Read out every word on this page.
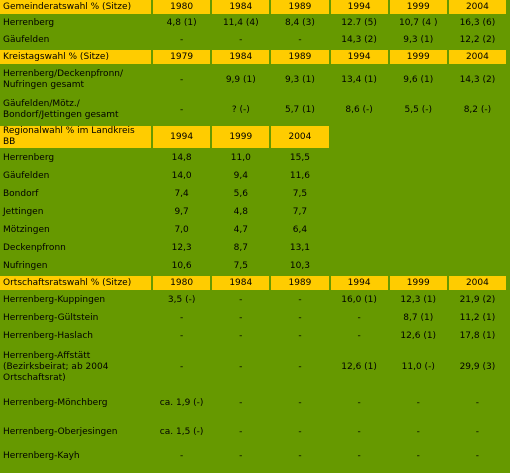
Gemeinderatswahl % (Sitze)	1980	1984	1989	1994	1999	2004
Herrenberg	4,8 (1)	11,4 (4)	8,4 (3)	12.7 (5)	10,7 (4 )	16,3 (6)
Gäufelden	-	-	-	14,3 (2)	9,3 (1)	12,2 (2)
Kreistagswahl % (Sitze)	1979	1984	1989	1994	1999	2004
Herrenberg/Deckenpfronn/ Nufringen gesamt	-	9,9 (1)	9,3 (1)	13,4 (1)	9,6 (1)	14,3 (2)
Gäufelden/Mötz./ Bondorf/Jettingen gesamt	-	? (-)	5,7 (1)	8,6 (-)	5,5 (-)	8,2 (-)
Regionalwahl % im Landkreis BB	1994	1999	2004			
Herrenberg	14,8	11,0	15,5			
Gäufelden	14,0	9,4	11,6			
Bondorf	7,4	5,6	7,5			
Jettingen	9,7	4,8	7,7			
Mötzingen	7,0	4,7	6,4			
Deckenpfronn	12,3	8,7	13,1			
Nufringen	10,6	7,5	10,3			
Ortschaftsratswahl % (Sitze)	1980	1984	1989	1994	1999	2004
Herrenberg-Kuppingen	3,5 (-)	-	-	16,0 (1)	12,3 (1)	21,9 (2)
Herrenberg-Gültstein	-	-	-	-	8,7 (1)	11,2 (1)
Herrenberg-Haslach	-	-	-	-	12,6 (1)	17,8 (1)
Herrenberg-Affstätt (Bezirksbeirat; ab 2004 Ortschaftsrat)	-	-	-	12,6 (1)	11,0 (-)	29,9 (3)
Herrenberg-Mönchberg	ca. 1,9 (-)	-	-	-	-	-
Herrenberg-Oberjesingen	ca. 1,5 (-)	-	-	-	-	-
Herrenberg-Kayh	-	-	-	-	-	-
